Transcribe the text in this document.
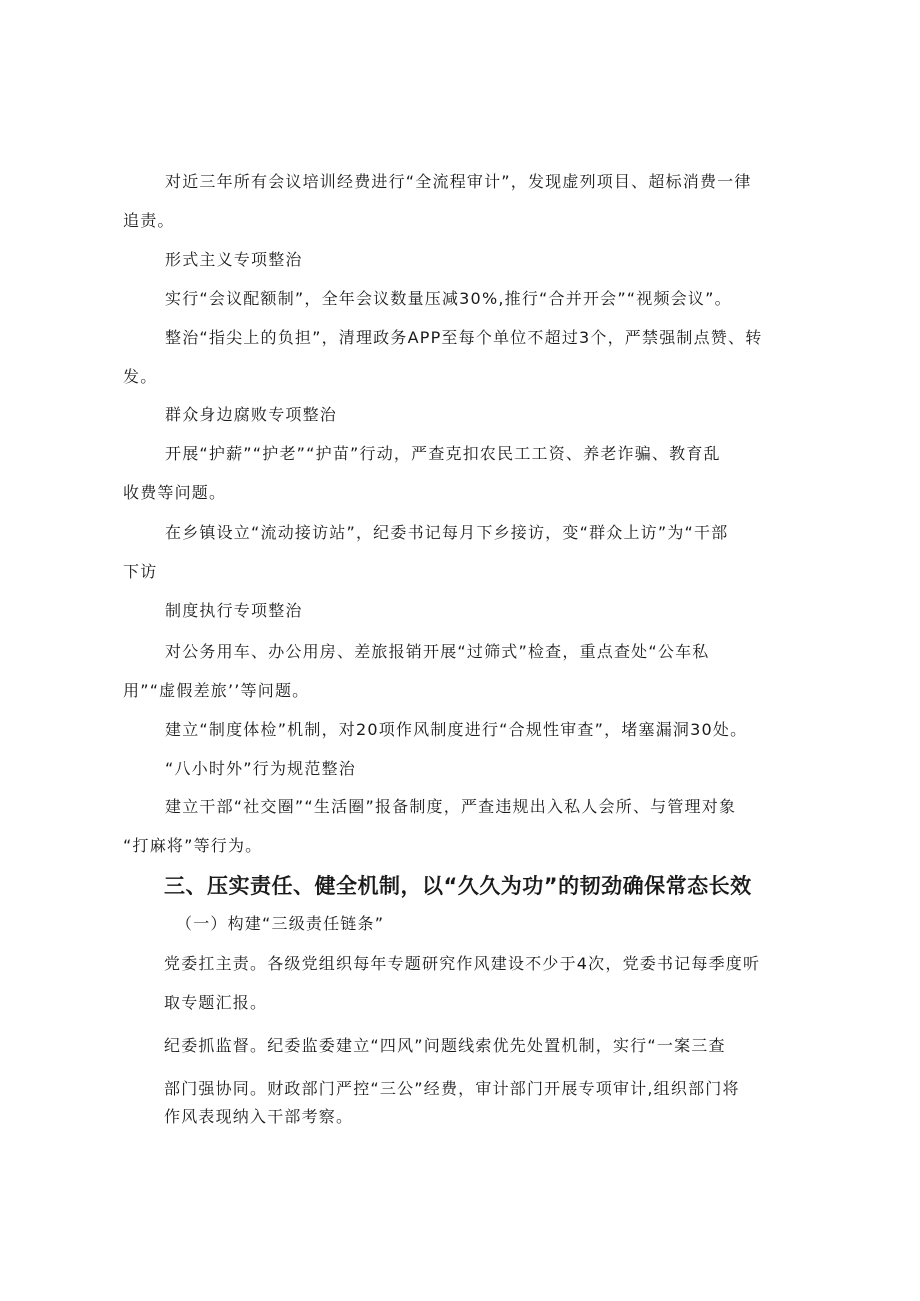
对近三年所有会议培训经费进行“全流程审计”，发现虚列项目、超标消费一律
追责。
形式主义专项整治
实行“会议配额制”，全年会议数量压减30%,推行“合并开会”“视频会议”。
整治“指尖上的负担”，清理政务APP至每个单位不超过3个，严禁强制点赞、转
发。
群众身边腐败专项整治
开展“护薪”“护老”“护苗”行动，严查克扣农民工工资、养老诈骗、教育乱
收费等问题。
在乡镇设立“流动接访站”，纪委书记每月下乡接访，变“群众上访”为“干部
下访
制度执行专项整治
对公务用车、办公用房、差旅报销开展“过筛式”检查，重点查处“公车私
用”“虚假差旅’’等问题。
建立“制度体检”机制，对20项作风制度进行“合规性审查”，堵塞漏洞30处。
“八小时外”行为规范整治
建立干部“社交圈”“生活圈”报备制度，严查违规出入私人会所、与管理对象
“打麻将”等行为。
三、压实责任、健全机制，以“久久为功”的韧劲确保常态长效
（一）构建“三级责任链条”
党委扛主责。各级党组织每年专题研究作风建设不少于4次，党委书记每季度听
取专题汇报。
纪委抓监督。纪委监委建立“四风”问题线索优先处置机制，实行“一案三查
部门强协同。财政部门严控“三公”经费，审计部门开展专项审计,组织部门将
作风表现纳入干部考察。
